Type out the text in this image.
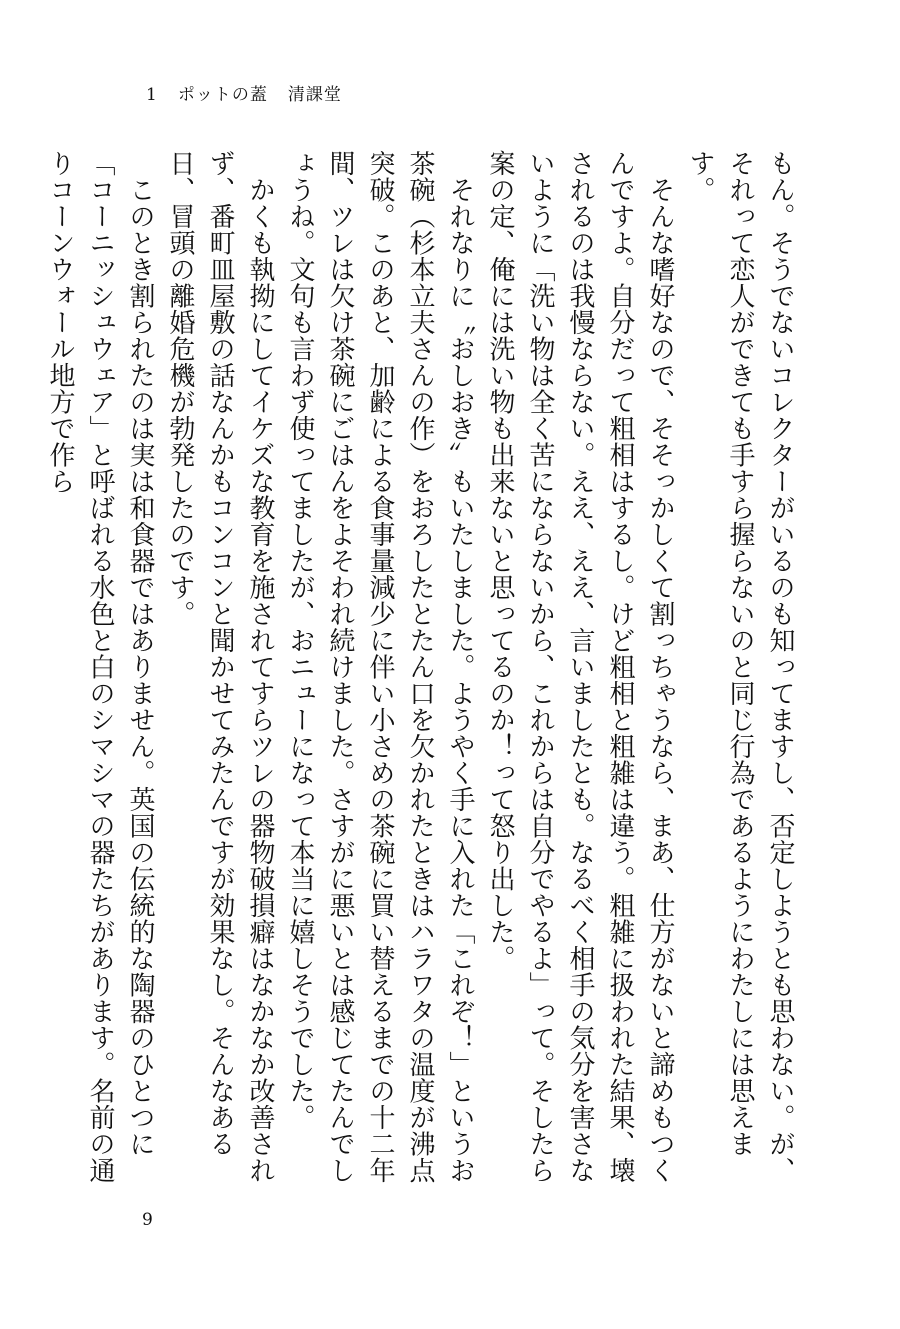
1 ポットの蓋 清課堂

もん。そうでないコレクターがいるのも知ってますし、否定しようとも思わない。が、それって恋人ができても手すら握らないのと同じ行為であるようにわたしには思えます。

　そんな嗜好なので、そそっかしくて割っちゃうなら、まあ、仕方がないと諦めもつくんですよ。自分だって粗相はするし。けど粗相と粗雑は違う。粗雑に扱われた結果、壊されるのは我慢ならない。ええ、ええ、言いましたとも。なるべく相手の気分を害さないように「洗い物は全く苦にならないから、これからは自分でやるよ」って。そしたら案の定、俺には洗い物も出来ないと思ってるのか！って怒り出した。

　それなりに〝おしおき〟もいたしました。ようやく手に入れた「これぞ！」というお茶碗（杉本立夫さんの作）をおろしたとたん口を欠かれたときはハラワタの温度が沸点突破。このあと、加齢による食事量減少に伴い小さめの茶碗に買い替えるまでの十二年間、ツレは欠け茶碗にごはんをよそわれ続けました。さすがに悪いとは感じてたんでしょうね。文句も言わず使ってましたが、おニューになって本当に嬉しそうでした。

　かくも執拗にしてイケズな教育を施されてすらツレの器物破損癖はなかなか改善されず、番町皿屋敷の話なんかもコンコンと聞かせてみたんですが効果なし。そんなある日、冒頭の離婚危機が勃発したのです。

　このとき割られたのは実は和食器ではありません。英国の伝統的な陶器のひとつに「コーニッシュウェア」と呼ばれる水色と白のシマシマの器たちがあります。名前の通りコーンウォール地方で作ら

9
